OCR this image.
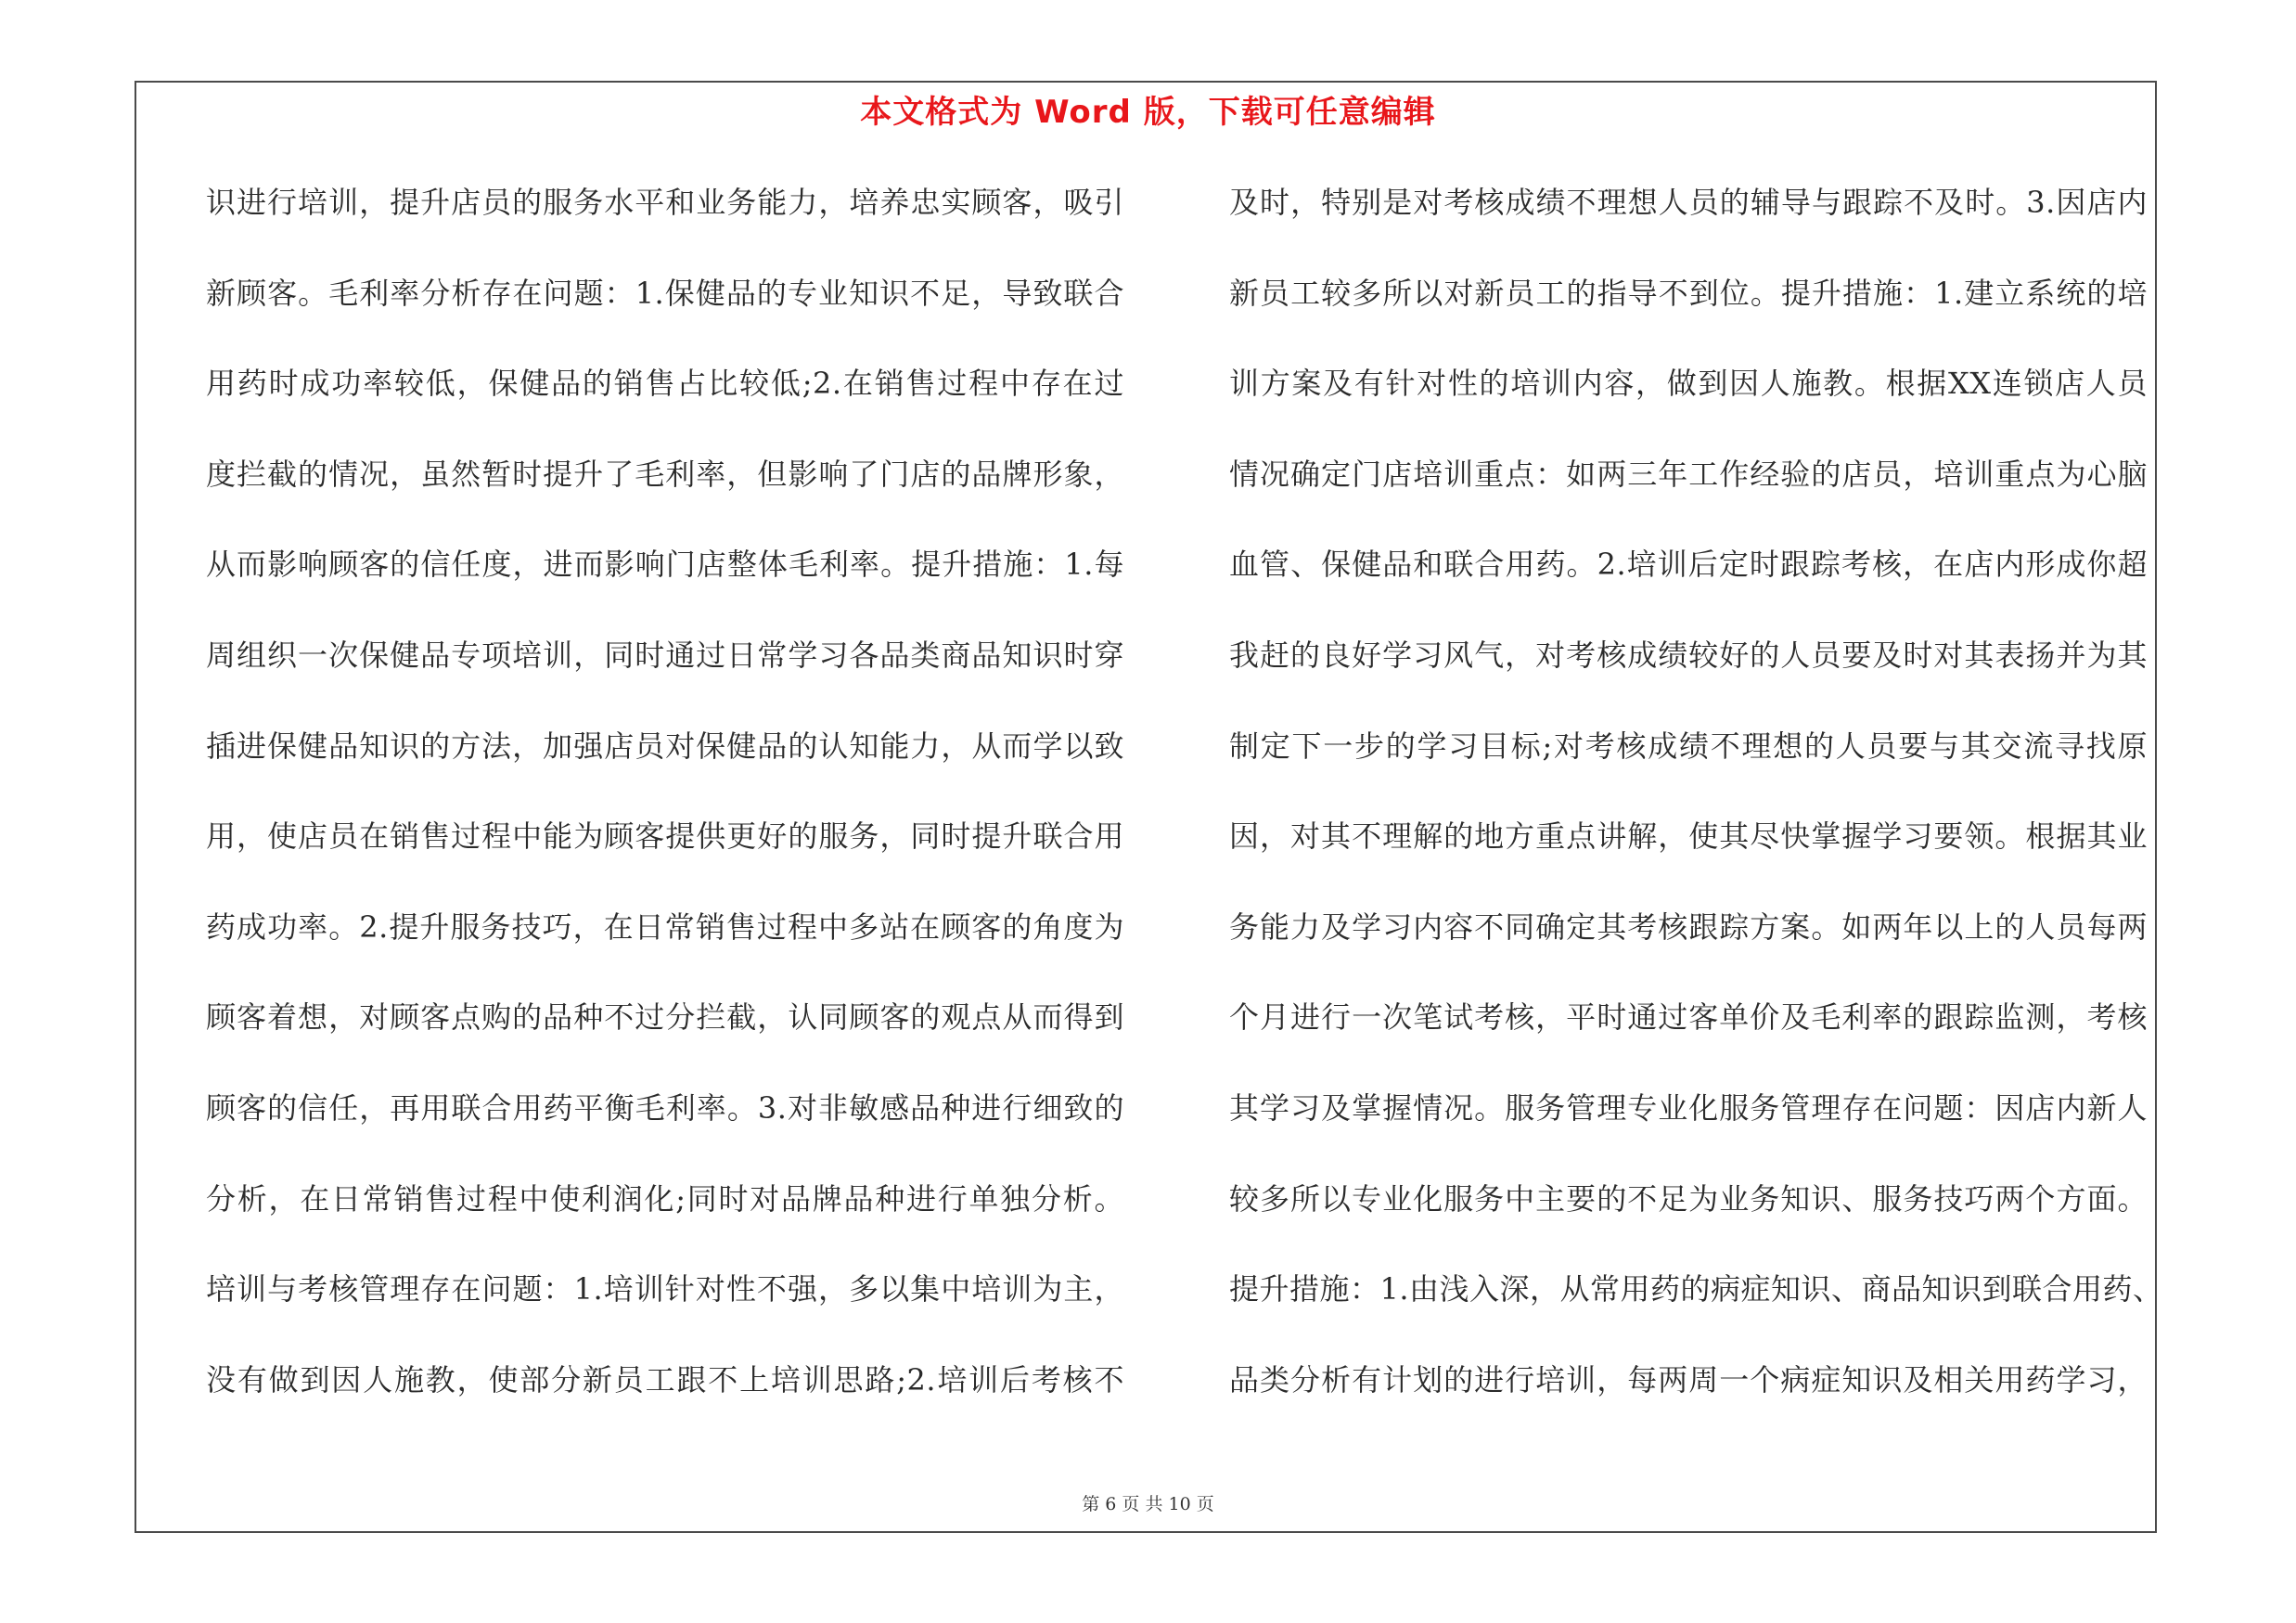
本文格式为 Word 版，下载可任意编辑
识进行培训，提升店员的服务水平和业务能力，培养忠实顾客，吸引
新顾客。毛利率分析存在问题：1.保健品的专业知识不足，导致联合
用药时成功率较低，保健品的销售占比较低;2.在销售过程中存在过
度拦截的情况，虽然暂时提升了毛利率，但影响了门店的品牌形象，
从而影响顾客的信任度，进而影响门店整体毛利率。提升措施：1.每
周组织一次保健品专项培训，同时通过日常学习各品类商品知识时穿
插进保健品知识的方法，加强店员对保健品的认知能力，从而学以致
用，使店员在销售过程中能为顾客提供更好的服务，同时提升联合用
药成功率。2.提升服务技巧，在日常销售过程中多站在顾客的角度为
顾客着想，对顾客点购的品种不过分拦截，认同顾客的观点从而得到
顾客的信任，再用联合用药平衡毛利率。3.对非敏感品种进行细致的
分析，在日常销售过程中使利润化;同时对品牌品种进行单独分析。
培训与考核管理存在问题：1.培训针对性不强，多以集中培训为主，
没有做到因人施教，使部分新员工跟不上培训思路;2.培训后考核不
及时，特别是对考核成绩不理想人员的辅导与跟踪不及时。3.因店内
新员工较多所以对新员工的指导不到位。提升措施：1.建立系统的培
训方案及有针对性的培训内容，做到因人施教。根据XX连锁店人员
情况确定门店培训重点：如两三年工作经验的店员，培训重点为心脑
血管、保健品和联合用药。2.培训后定时跟踪考核，在店内形成你超
我赶的良好学习风气，对考核成绩较好的人员要及时对其表扬并为其
制定下一步的学习目标;对考核成绩不理想的人员要与其交流寻找原
因，对其不理解的地方重点讲解，使其尽快掌握学习要领。根据其业
务能力及学习内容不同确定其考核跟踪方案。如两年以上的人员每两
个月进行一次笔试考核，平时通过客单价及毛利率的跟踪监测，考核
其学习及掌握情况。服务管理专业化服务管理存在问题：因店内新人
较多所以专业化服务中主要的不足为业务知识、服务技巧两个方面。
提升措施：1.由浅入深，从常用药的病症知识、商品知识到联合用药、
品类分析有计划的进行培训，每两周一个病症知识及相关用药学习，
第 6 页 共 10 页
